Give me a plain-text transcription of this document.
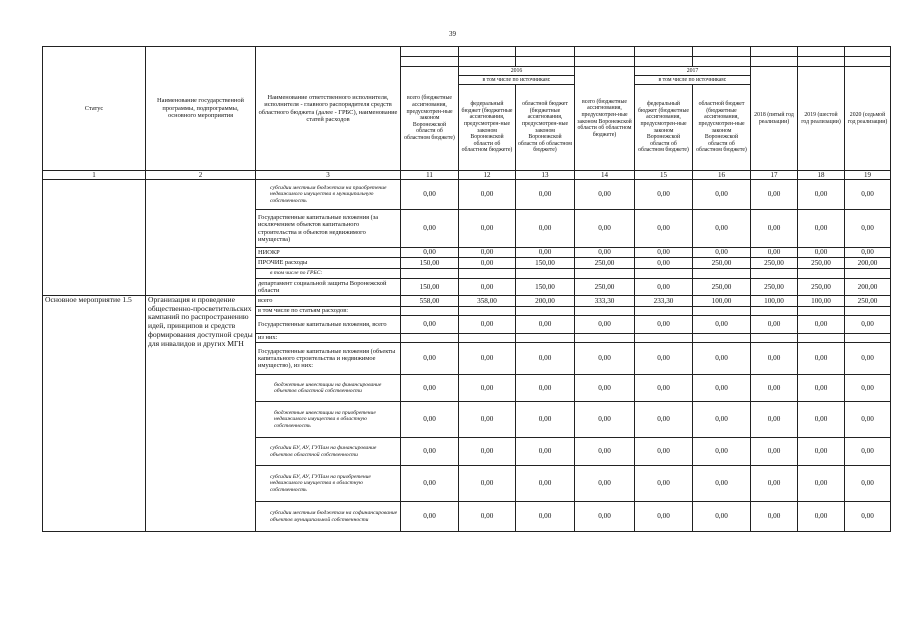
39
Статус	Наименование государственной программы, подпрограммы, основного мероприятия	Наименование ответственного исполнителя, исполнителя - главного распорядителя средств областного бюджета (далее - ГРБС), наименование статей расходов									

			всего (бюджетные ассигнования, предусмотрен-ные законом Воронежской области об областном бюджете)	2016		всего (бюджетные ассигнования, предусмотрен-ные законом Воронежской области об областном бюджете)	2017		2018 (пятый год реализации)	2019 (шестой год реализации)	2020 (седьмой год реализации)
				в том числе по источникам:			в том числе по источникам:				
				федеральный бюджет (бюджетные ассигнования, предусмотрен-ные законом Воронежской области об областном бюджете)	областной бюджет (бюджетные ассигнования, предусмотрен-ные законом Воронежской области об областном бюджете)		федеральный бюджет (бюджетные ассигнования, предусмотрен-ные законом Воронежской области об областном бюджете)	областной бюджет (бюджетные ассигнования, предусмотрен-ные законом Воронежской области об областном бюджете)			
1	2	3	11	12	13	14	15	16	17	18	19
		субсидии местным бюджетам на приобретение недвижимого имущества в муниципальную собственность	0,00	0,00	0,00	0,00	0,00	0,00	0,00	0,00	0,00
		Государственные капитальные вложения (за исключением объектов капитального строительства и объектов недвижимого имущества)	0,00	0,00	0,00	0,00	0,00	0,00	0,00	0,00	0,00
		НИОКР	0,00	0,00	0,00	0,00	0,00	0,00	0,00	0,00	0,00
		ПРОЧИЕ расходы	150,00	0,00	150,00	250,00	0,00	250,00	250,00	250,00	200,00
		в том числе по ГРБС:									
		департамент социальной защиты Воронежской области	150,00	0,00	150,00	250,00	0,00	250,00	250,00	250,00	200,00
Основное мероприятие 1.5	Организация и проведение общественно-просветительских кампаний по распространению идей, принципов и средств формирования доступной среды для инвалидов и других МГН	всего	558,00	358,00	200,00	333,30	233,30	100,00	100,00	100,00	250,00
		в том числе по статьям расходов:									
		Государственные капитальные вложения, всего	0,00	0,00	0,00	0,00	0,00	0,00	0,00	0,00	0,00
		из них:									
		Государственные капитальные вложения (объекты капитального строительства и недвижимое имущество), из них:	0,00	0,00	0,00	0,00	0,00	0,00	0,00	0,00	0,00
		бюджетные инвестиции на финансирование объектов областной собственности	0,00	0,00	0,00	0,00	0,00	0,00	0,00	0,00	0,00
		бюджетные инвестиции на приобретение недвижимого имущества в областную собственность	0,00	0,00	0,00	0,00	0,00	0,00	0,00	0,00	0,00
		субсидии БУ, АУ, ГУПам на финансирование объектов областной собственности	0,00	0,00	0,00	0,00	0,00	0,00	0,00	0,00	0,00
		субсидии БУ, АУ, ГУПам на приобретение недвижимого имущества в областную собственность	0,00	0,00	0,00	0,00	0,00	0,00	0,00	0,00	0,00
		субсидии местным бюджетам на софинансирование объектов муниципальной собственности	0,00	0,00	0,00	0,00	0,00	0,00	0,00	0,00	0,00
